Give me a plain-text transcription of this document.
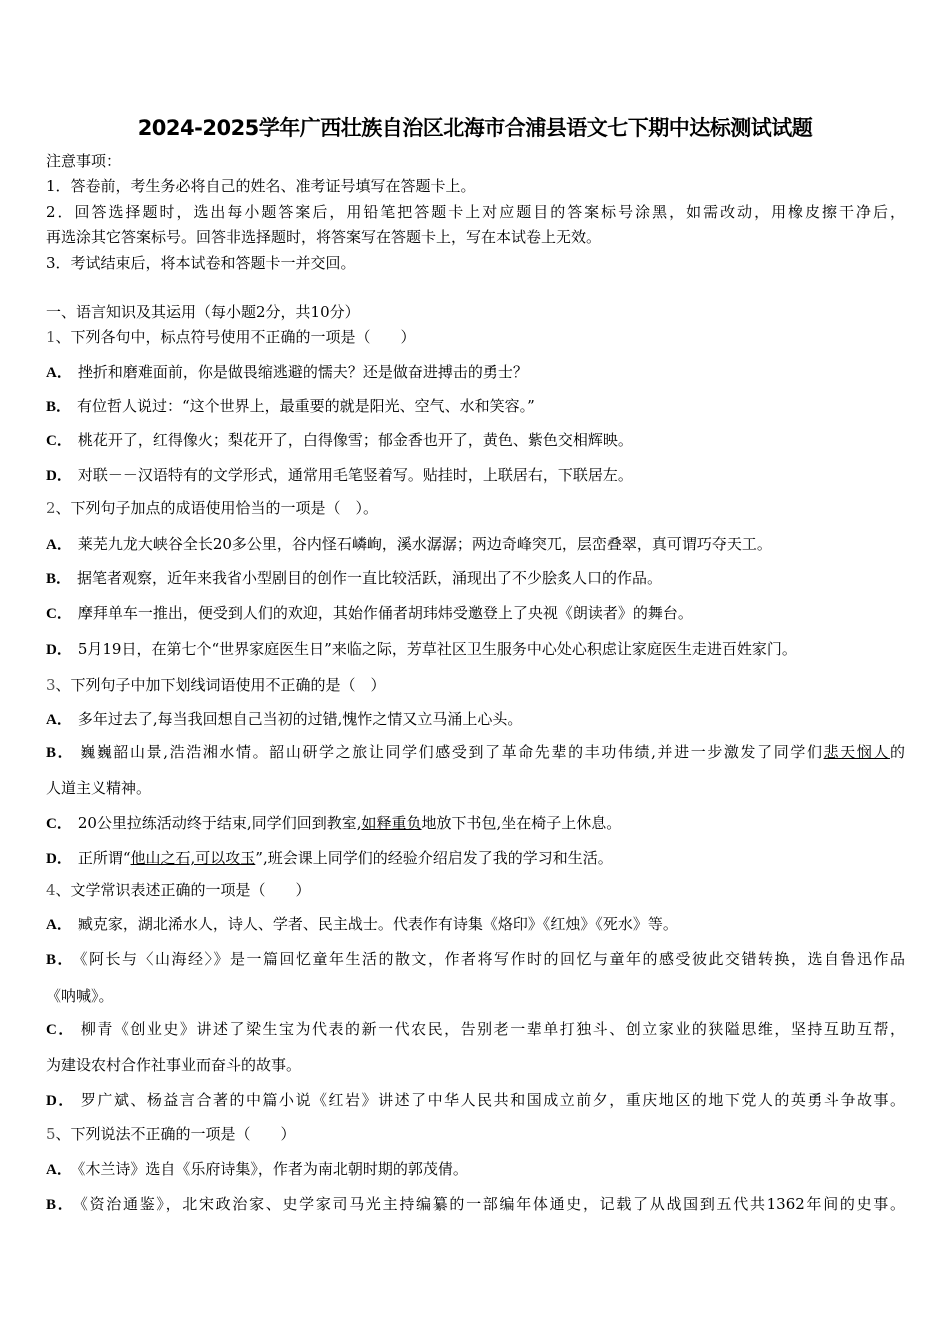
2024-2025学年广西壮族自治区北海市合浦县语文七下期中达标测试试题
注意事项：
1．答卷前，考生务必将自己的姓名、准考证号填写在答题卡上。
2．回答选择题时，选出每小题答案后，用铅笔把答题卡上对应题目的答案标号涂黑，如需改动，用橡皮擦干净后，
再选涂其它答案标号。回答非选择题时，将答案写在答题卡上，写在本试卷上无效。
3．考试结束后，将本试卷和答题卡一并交回。
一、语言知识及其运用（每小题2分，共10分）
1、下列各句中，标点符号使用不正确的一项是（　　）
A． 挫折和磨难面前，你是做畏缩逃避的懦夫？还是做奋进搏击的勇士？
B． 有位哲人说过：“这个世界上，最重要的就是阳光、空气、水和笑容。”
C． 桃花开了，红得像火；梨花开了，白得像雪；郁金香也开了，黄色、紫色交相辉映。
D． 对联－－汉语特有的文学形式，通常用毛笔竖着写。贴挂时，上联居右，下联居左。
2、下列句子加点的成语使用恰当的一项是（　）。
A． 莱芜九龙大峡谷全长20多公里，谷内怪石嶙峋，溪水潺潺；两边奇峰突兀，层峦叠翠，真可谓巧夺天工。
B． 据笔者观察，近年来我省小型剧目的创作一直比较活跃，涌现出了不少脍炙人口的作品。
C． 摩拜单车一推出，便受到人们的欢迎，其始作俑者胡玮炜受邀登上了央视《朗读者》的舞台。
D． 5月19日，在第七个“世界家庭医生日”来临之际，芳草社区卫生服务中心处心积虑让家庭医生走进百姓家门。
3、下列句子中加下划线词语使用不正确的是（　）
A． 多年过去了,每当我回想自己当初的过错,愧怍之情又立马涌上心头。
B． 巍巍韶山景,浩浩湘水情。韶山研学之旅让同学们感受到了革命先辈的丰功伟绩,并进一步激发了同学们悲天悯人的
人道主义精神。
C． 20公里拉练活动终于结束,同学们回到教室,如释重负地放下书包,坐在椅子上休息。
D． 正所谓“他山之石,可以攻玉”,班会课上同学们的经验介绍启发了我的学习和生活。
4、文学常识表述正确的一项是（　　）
A． 臧克家，湖北浠水人，诗人、学者、民主战士。代表作有诗集《烙印》《红烛》《死水》等。
B． 《阿长与〈山海经〉》是一篇回忆童年生活的散文，作者将写作时的回忆与童年的感受彼此交错转换，选自鲁迅作品
《呐喊》。
C． 柳青《创业史》讲述了梁生宝为代表的新一代农民，告别老一辈单打独斗、创立家业的狭隘思维，坚持互助互帮，
为建设农村合作社事业而奋斗的故事。
D． 罗广斌、杨益言合著的中篇小说《红岩》讲述了中华人民共和国成立前夕，重庆地区的地下党人的英勇斗争故事。
5、下列说法不正确的一项是（　　）
A． 《木兰诗》选自《乐府诗集》，作者为南北朝时期的郭茂倩。
B． 《资治通鉴》，北宋政治家、史学家司马光主持编纂的一部编年体通史，记载了从战国到五代共1362年间的史事。
